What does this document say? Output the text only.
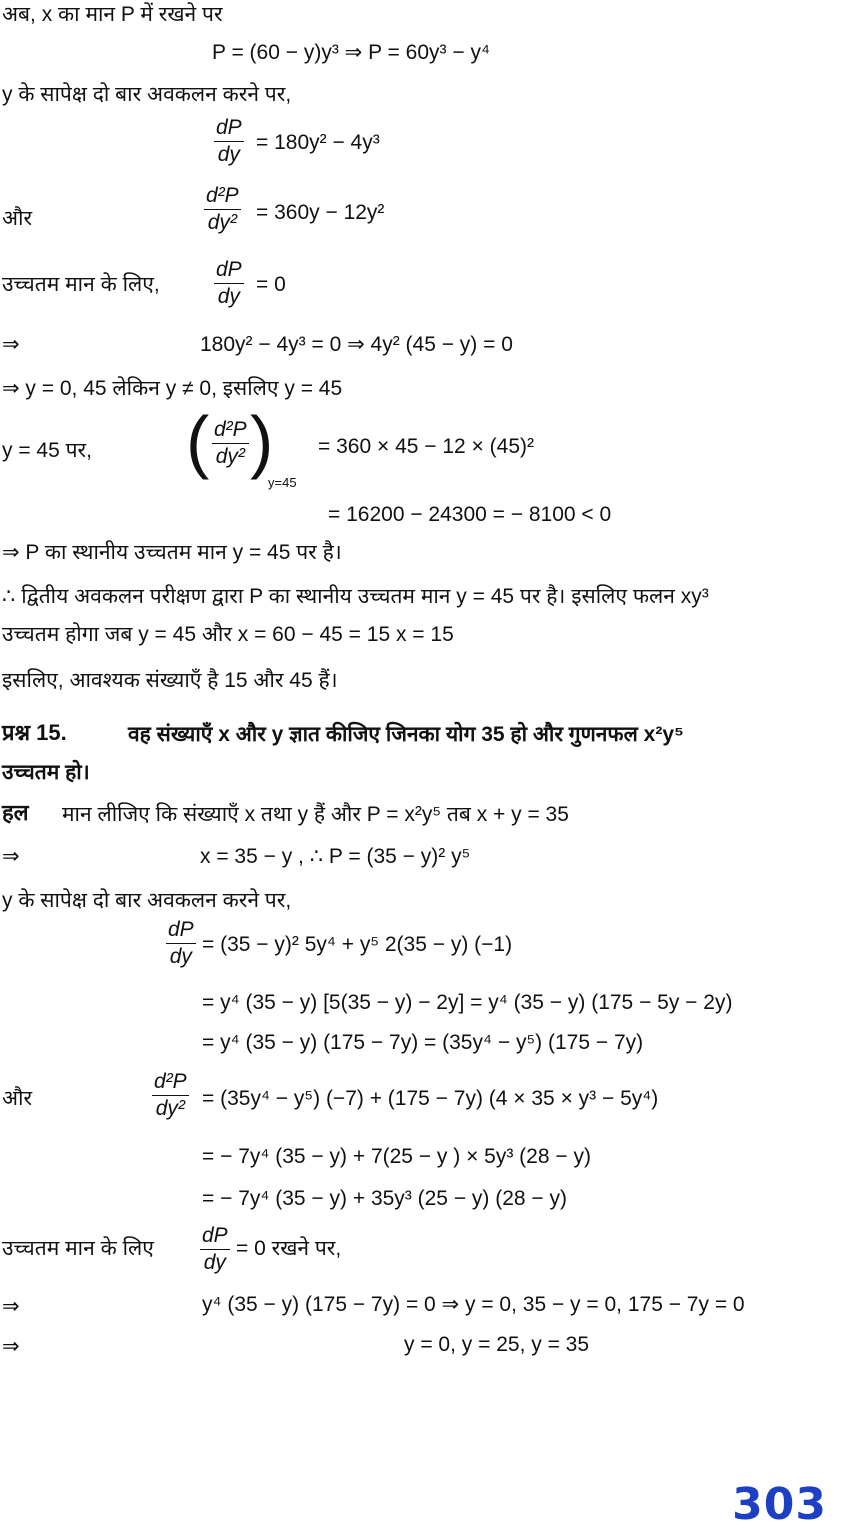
अब, x का मान P में रखने पर
P = (60 − y)y³ ⇒ P = 60y³ − y⁴
y के सापेक्ष दो बार अवकलन करने पर,
dP
dy
= 180y² − 4y³
और
d²P
dy² = 360y − 12y²
उच्चतम मान के लिए,
dP
dy
= 0
⇒	180y² − 4y³ = 0 ⇒ 4y² (45 − y) = 0
⇒ y = 0, 45 लेकिन y ≠ 0, इसलिए y = 45
y = 45 पर, ( d²P
dy² )
y=45
= 360 × 45 − 12 × (45)²
= 16200 − 24300 = − 8100 < 0
⇒ P का स्थानीय उच्चतम मान y = 45 पर है।
∴ द्वितीय अवकलन परीक्षण द्वारा P का स्थानीय उच्चतम मान y = 45 पर है। इसलिए फलन xy³
उच्चतम होगा जब y = 45 और x = 60 − 45 = 15 x = 15
इसलिए, आवश्यक संख्याएँ है 15 और 45 हैं।
प्रश्न 15.	वह संख्याएँ x और y ज्ञात कीजिए जिनका योग 35 हो और गुणनफल x²y⁵
उच्चतम हो।
हल मान लीजिए कि संख्याएँ x तथा y हैं और P = x²y⁵ तब x + y = 35
⇒	x = 35 − y , ∴ P = (35 − y)² y⁵
y के सापेक्ष दो बार अवकलन करने पर,
dP
dy
= (35 − y)² 5y⁴ + y⁵ 2(35 − y) (−1)
= y⁴ (35 − y) [5(35 − y) − 2y] = y⁴ (35 − y) (175 − 5y − 2y)
= y⁴ (35 − y) (175 − 7y) = (35y⁴ − y⁵) (175 − 7y)
और
d²P
dy² = (35y⁴ − y⁵) (−7) + (175 − 7y) (4 × 35 × y³ − 5y⁴)
= − 7y⁴ (35 − y) + 7(25 − y ) × 5y³ (28 − y)
= − 7y⁴ (35 − y) + 35y³ (25 − y) (28 − y)
उच्चतम मान के लिए
dP
dy
= 0 रखने पर,
⇒	y⁴ (35 − y) (175 − 7y) = 0 ⇒ y = 0, 35 − y = 0, 175 − 7y = 0
⇒	y = 0, y = 25, y = 35
303
